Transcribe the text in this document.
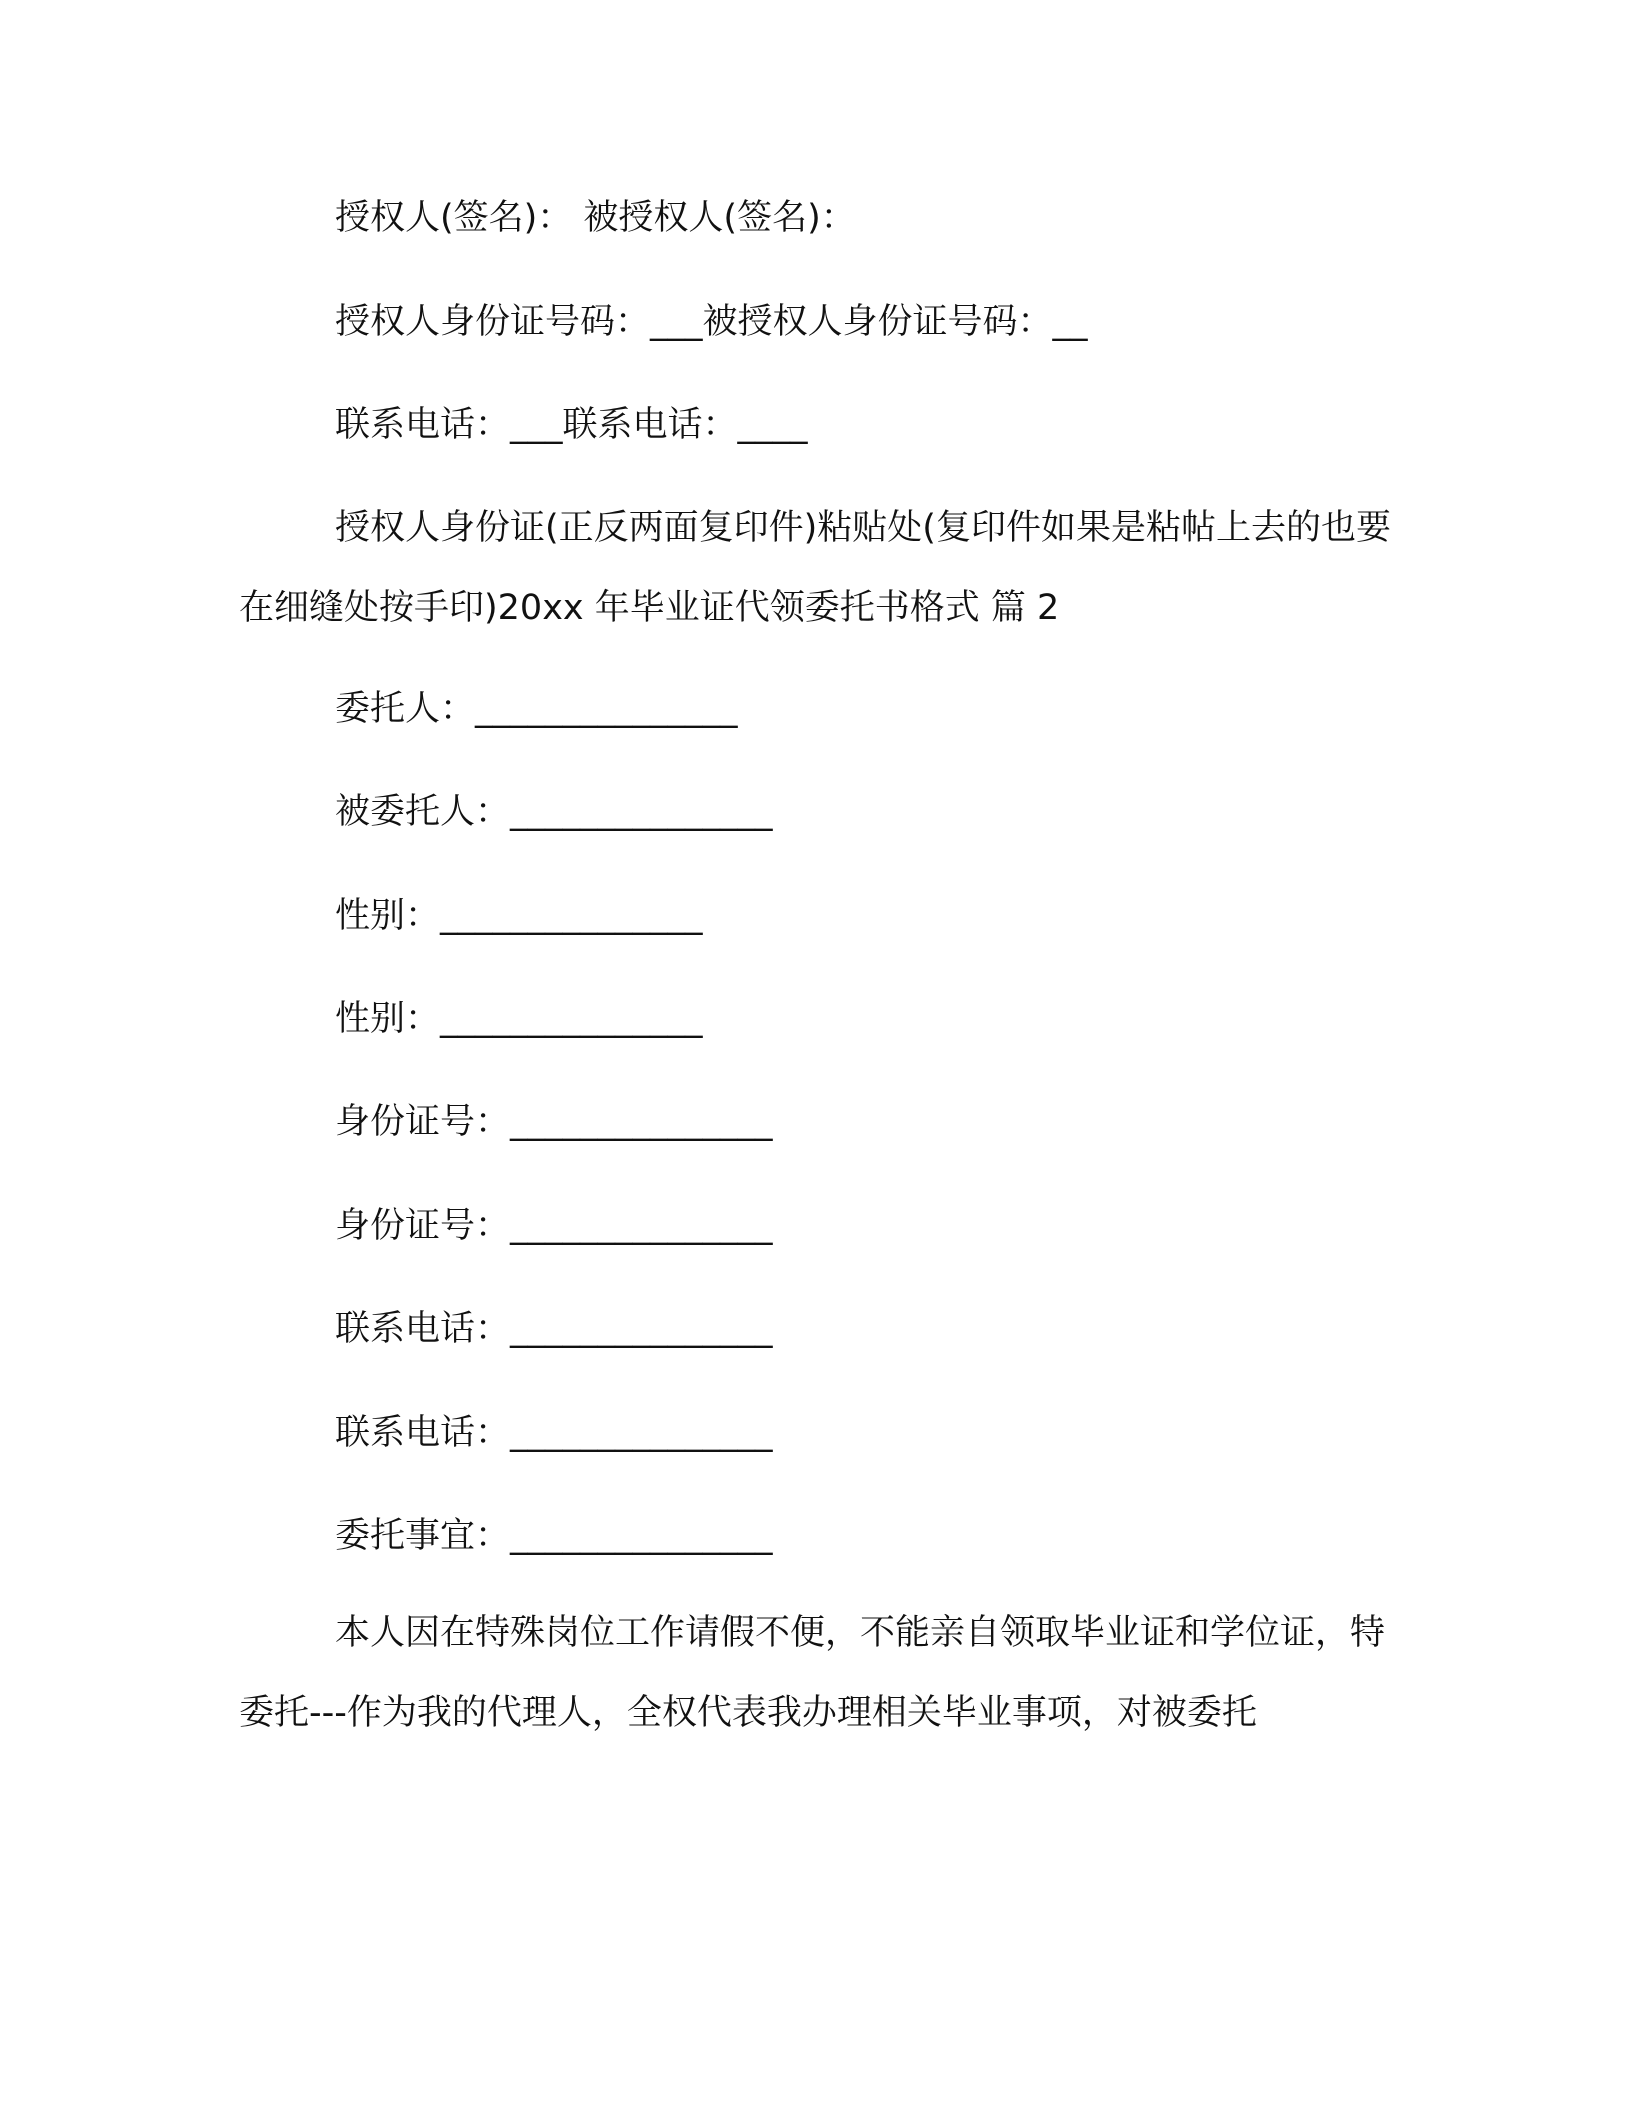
授权人(签名)： 被授权人(签名)：

授权人身份证号码：___被授权人身份证号码：__

联系电话：___联系电话：____

授权人身份证(正反两面复印件)粘贴处(复印件如果是粘帖上去的也要在细缝处按手印)20xx 年毕业证代领委托书格式 篇 2

委托人：_______________

被委托人：_______________

性别：_______________

性别：_______________

身份证号：_______________

身份证号：_______________

联系电话：_______________

联系电话：_______________

委托事宜：_______________

本人因在特殊岗位工作请假不便，不能亲自领取毕业证和学位证，特委托---作为我的代理人，全权代表我办理相关毕业事项，对被委托
